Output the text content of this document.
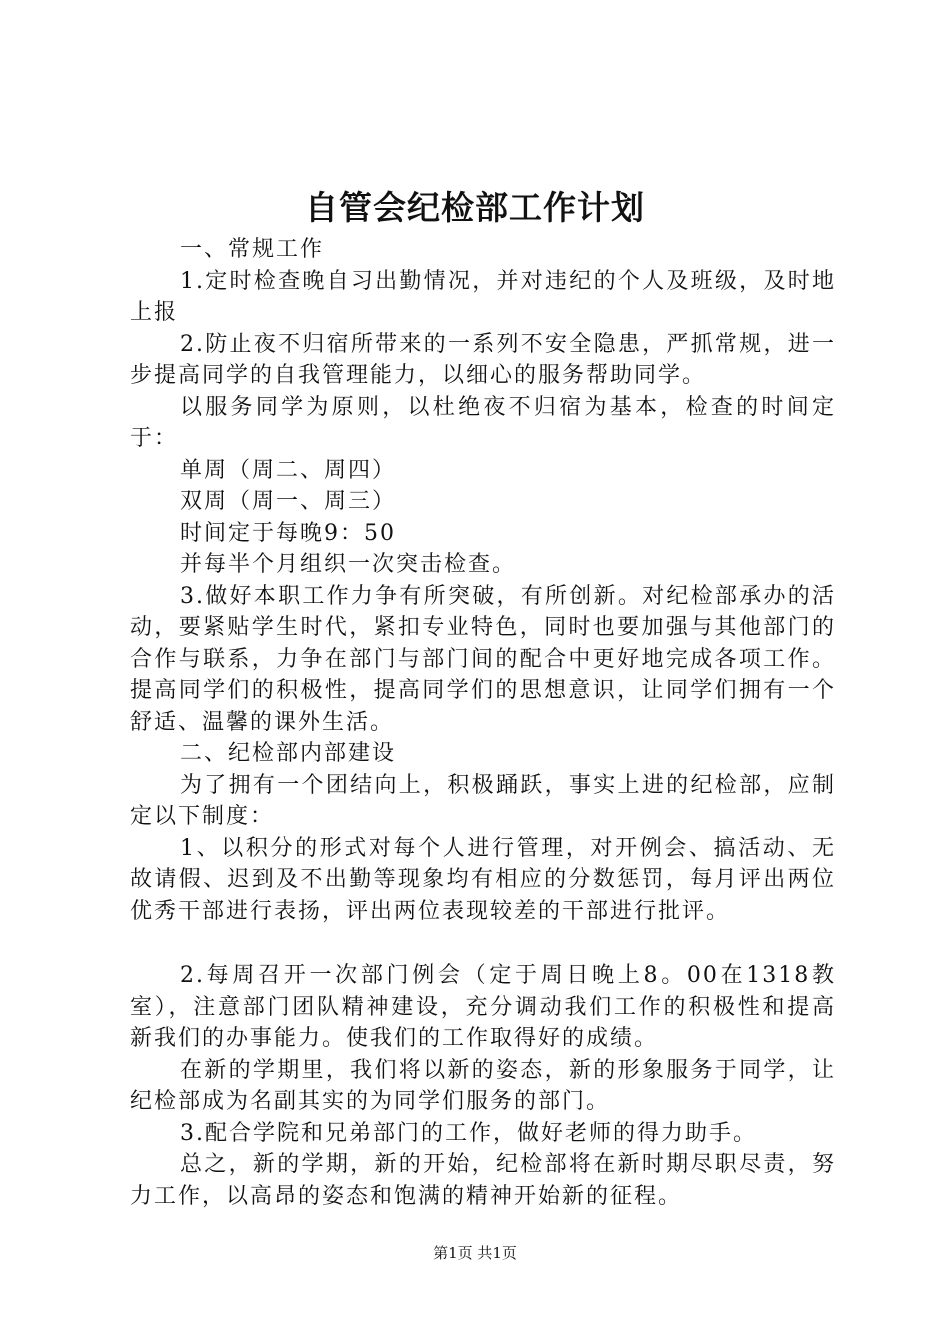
自管会纪检部工作计划

一、常规工作

1.定时检查晚自习出勤情况，并对违纪的个人及班级，及时地上报

2.防止夜不归宿所带来的一系列不安全隐患，严抓常规，进一步提高同学的自我管理能力，以细心的服务帮助同学。

以服务同学为原则，以杜绝夜不归宿为基本，检查的时间定于：

单周（周二、周四）

双周（周一、周三）

时间定于每晚9：50

并每半个月组织一次突击检查。

3.做好本职工作力争有所突破，有所创新。对纪检部承办的活动，要紧贴学生时代，紧扣专业特色，同时也要加强与其他部门的合作与联系，力争在部门与部门间的配合中更好地完成各项工作。提高同学们的积极性，提高同学们的思想意识，让同学们拥有一个舒适、温馨的课外生活。

二、纪检部内部建设

为了拥有一个团结向上，积极踊跃，事实上进的纪检部，应制定以下制度：

1、以积分的形式对每个人进行管理，对开例会、搞活动、无故请假、迟到及不出勤等现象均有相应的分数惩罚，每月评出两位优秀干部进行表扬，评出两位表现较差的干部进行批评。

2.每周召开一次部门例会（定于周日晚上8。00在1318教室），注意部门团队精神建设，充分调动我们工作的积极性和提高新我们的办事能力。使我们的工作取得好的成绩。

在新的学期里，我们将以新的姿态，新的形象服务于同学，让纪检部成为名副其实的为同学们服务的部门。

3.配合学院和兄弟部门的工作，做好老师的得力助手。

总之，新的学期，新的开始，纪检部将在新时期尽职尽责，努力工作，以高昂的姿态和饱满的精神开始新的征程。

第1页 共1页
